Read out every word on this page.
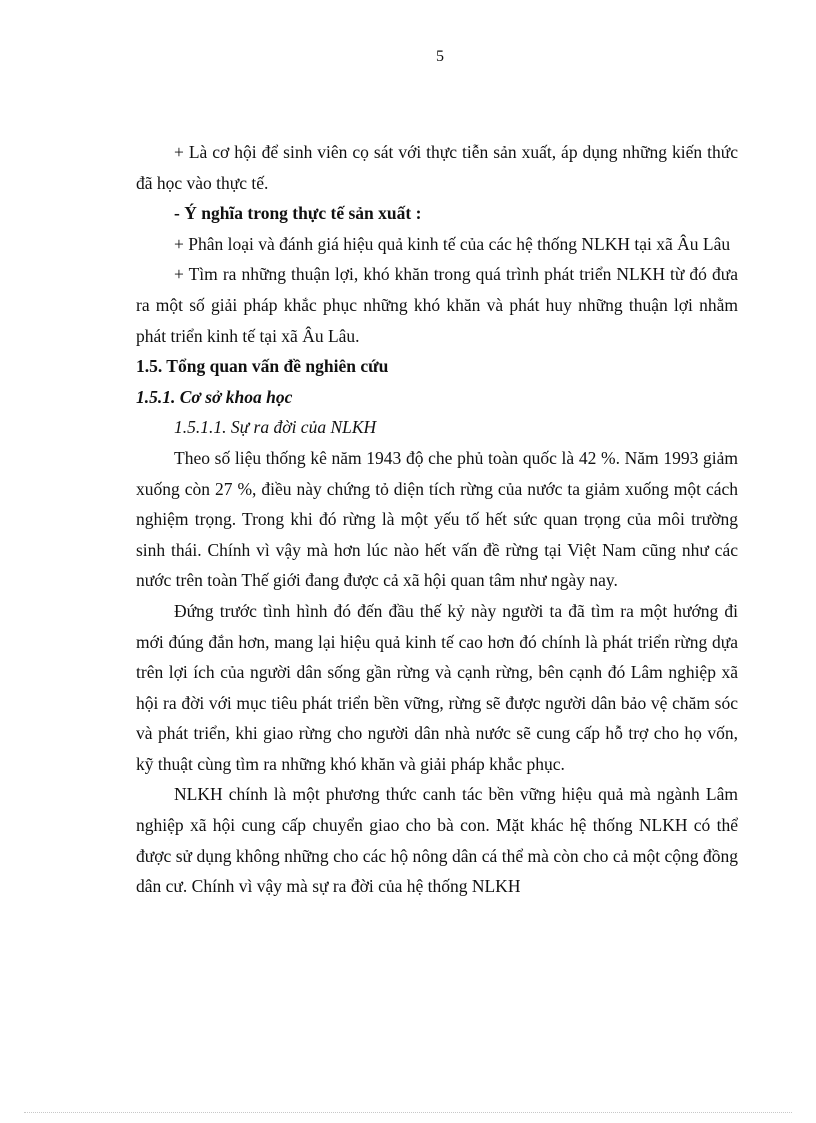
5

+ Là cơ hội để sinh viên cọ sát với thực tiễn sản xuất, áp dụng những kiến thức đã học vào thực tế.

- Ý nghĩa trong thực tế sản xuất :

+ Phân loại và đánh giá hiệu quả kinh tế của các hệ thống NLKH tại xã Âu Lâu

+ Tìm ra những thuận lợi, khó khăn trong quá trình phát triển NLKH từ đó đưa ra một số giải pháp khắc phục những khó khăn và phát huy những thuận lợi nhằm phát triển kinh tế tại xã Âu Lâu.

1.5. Tổng quan vấn đề nghiên cứu

1.5.1. Cơ sở khoa học

1.5.1.1. Sự ra đời của NLKH

Theo số liệu thống kê năm 1943 độ che phủ toàn quốc là 42 %. Năm 1993 giảm xuống còn 27 %, điều này chứng tỏ diện tích rừng của nước ta giảm xuống một cách nghiệm trọng. Trong khi đó rừng là một yếu tố hết sức quan trọng của môi trường sinh thái. Chính vì vậy mà hơn lúc nào hết vấn đề rừng tại Việt Nam cũng như các nước trên toàn Thế giới đang được cả xã hội quan tâm như ngày nay.

Đứng trước tình hình đó đến đầu thế kỷ này người ta đã tìm ra một hướng đi mới đúng đắn hơn, mang lại hiệu quả kinh tế cao hơn đó chính là phát triển rừng dựa trên lợi ích của người dân sống gần rừng và cạnh rừng, bên cạnh đó Lâm nghiệp xã hội ra đời với mục tiêu phát triển bền vững, rừng sẽ được người dân bảo vệ chăm sóc và phát triển, khi giao rừng cho người dân nhà nước sẽ cung cấp hỗ trợ cho họ vốn, kỹ thuật cùng tìm ra những khó khăn và giải pháp khắc phục.

NLKH chính là một phương thức canh tác bền vững hiệu quả mà ngành Lâm nghiệp xã hội cung cấp chuyển giao cho bà con. Mặt khác hệ thống NLKH có thể được sử dụng không những cho các hộ nông dân cá thể mà còn cho cả một cộng đồng dân cư. Chính vì vậy mà sự ra đời của hệ thống NLKH
